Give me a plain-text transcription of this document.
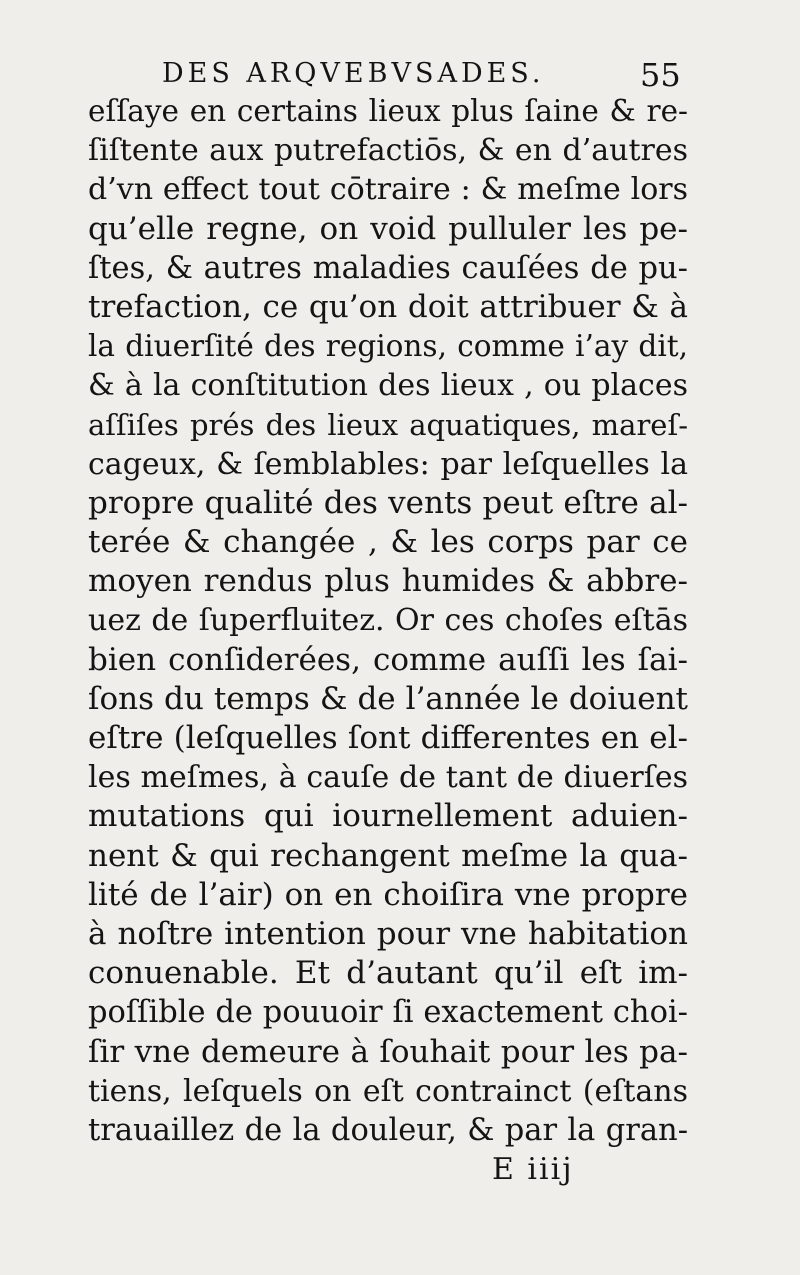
DES ARQVEBVSADES.	55
eſſaye en certains lieux plus ſaine & re-
ſiſtente aux putrefactiōs, & en d’autres
d’vn effect tout cōtraire : & meſme lors
qu’elle regne, on void pulluler les pe-
ſtes, & autres maladies cauſées de pu-
trefaction, ce qu’on doit attribuer & à
la diuerſité des regions, comme i’ay dit,
& à la conſtitution des lieux , ou places
aſſiſes prés des lieux aquatiques, mareſ-
cageux, & ſemblables: par leſquelles la
propre qualité des vents peut eſtre al-
terée & changée , & les corps par ce
moyen rendus plus humides & abbre-
uez de ſuperfluitez. Or ces choſes eſtās
bien conſiderées, comme auſſi les ſai-
ſons du temps & de l’année le doiuent
eſtre (leſquelles ſont differentes en el-
les meſmes, à cauſe de tant de diuerſes
mutations qui iournellement aduien-
nent & qui rechangent meſme la qua-
lité de l’air) on en choiſira vne propre
à noſtre intention pour vne habitation
conuenable. Et d’autant qu’il eſt im-
poſſible de pouuoir ſi exactement choi-
ſir vne demeure à ſouhait pour les pa-
tiens, leſquels on eſt contrainct (eſtans
trauaillez de la douleur, & par la gran-
E iiij
